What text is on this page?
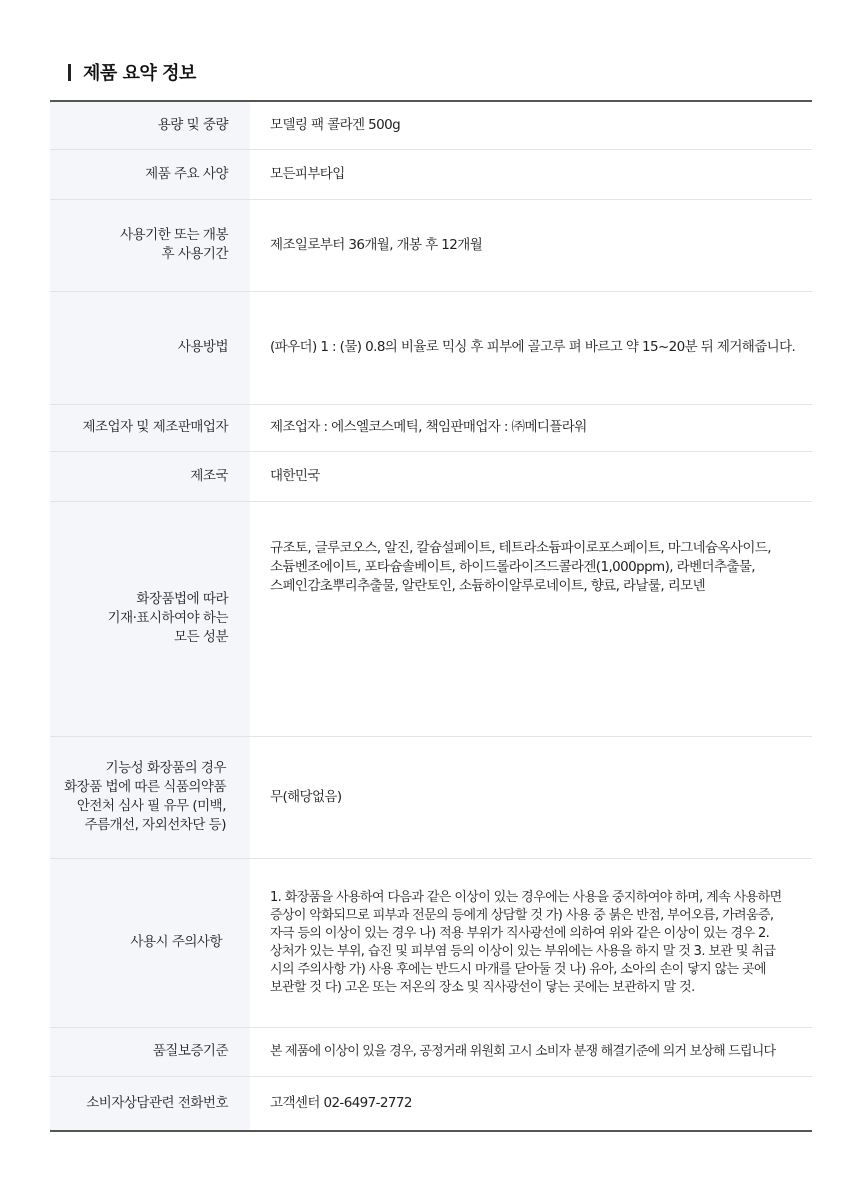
제품 요약 정보
용량 및 중량	모델링 팩 콜라겐 500g
제품 주요 사양	모든피부타입
사용기한 또는 개봉
후 사용기간	제조일로부터 36개월, 개봉 후 12개월
사용방법	(파우더) 1 : (물) 0.8의 비율로 믹싱 후 피부에 골고루 펴 바르고 약 15~20분 뒤 제거해줍니다.
제조업자 및 제조판매업자	제조업자 : 에스엘코스메틱, 책임판매업자 : ㈜메디플라워
제조국	대한민국
화장품법에 따라
기재·표시하여야 하는
모든 성분	규조토, 글루코오스, 알진, 칼슘설페이트, 테트라소듐파이로포스페이트, 마그네슘옥사이드, 소듐벤조에이트, 포타슘솔베이트, 하이드롤라이즈드콜라겐(1,000ppm), 라벤더추출물, 스페인감초뿌리추출물, 알란토인, 소듐하이알루로네이트, 향료, 라날룰, 리모넨
기능성 화장품의 경우
화장품 법에 따른 식품의약품
안전처 심사 필 유무 (미백,
주름개선, 자외선차단 등)	무(해당없음)
사용시 주의사항	1. 화장품을 사용하여 다음과 같은 이상이 있는 경우에는 사용을 중지하여야 하며, 계속 사용하면 증상이 악화되므로 피부과 전문의 등에게 상담할 것 가) 사용 중 붉은 반점, 부어오름, 가려움증, 자극 등의 이상이 있는 경우 나) 적용 부위가 직사광선에 의하여 위와 같은 이상이 있는 경우 2. 상처가 있는 부위, 습진 및 피부염 등의 이상이 있는 부위에는 사용을 하지 말 것 3. 보관 및 취급 시의 주의사항 가) 사용 후에는 반드시 마개를 닫아둘 것 나) 유아, 소아의 손이 닿지 않는 곳에 보관할 것 다) 고온 또는 저온의 장소 및 직사광선이 닿는 곳에는 보관하지 말 것.
품질보증기준	본 제품에 이상이 있을 경우, 공정거래 위원회 고시 소비자 분쟁 해결기준에 의거 보상해 드립니다
소비자상담관련 전화번호	고객센터 02-6497-2772
